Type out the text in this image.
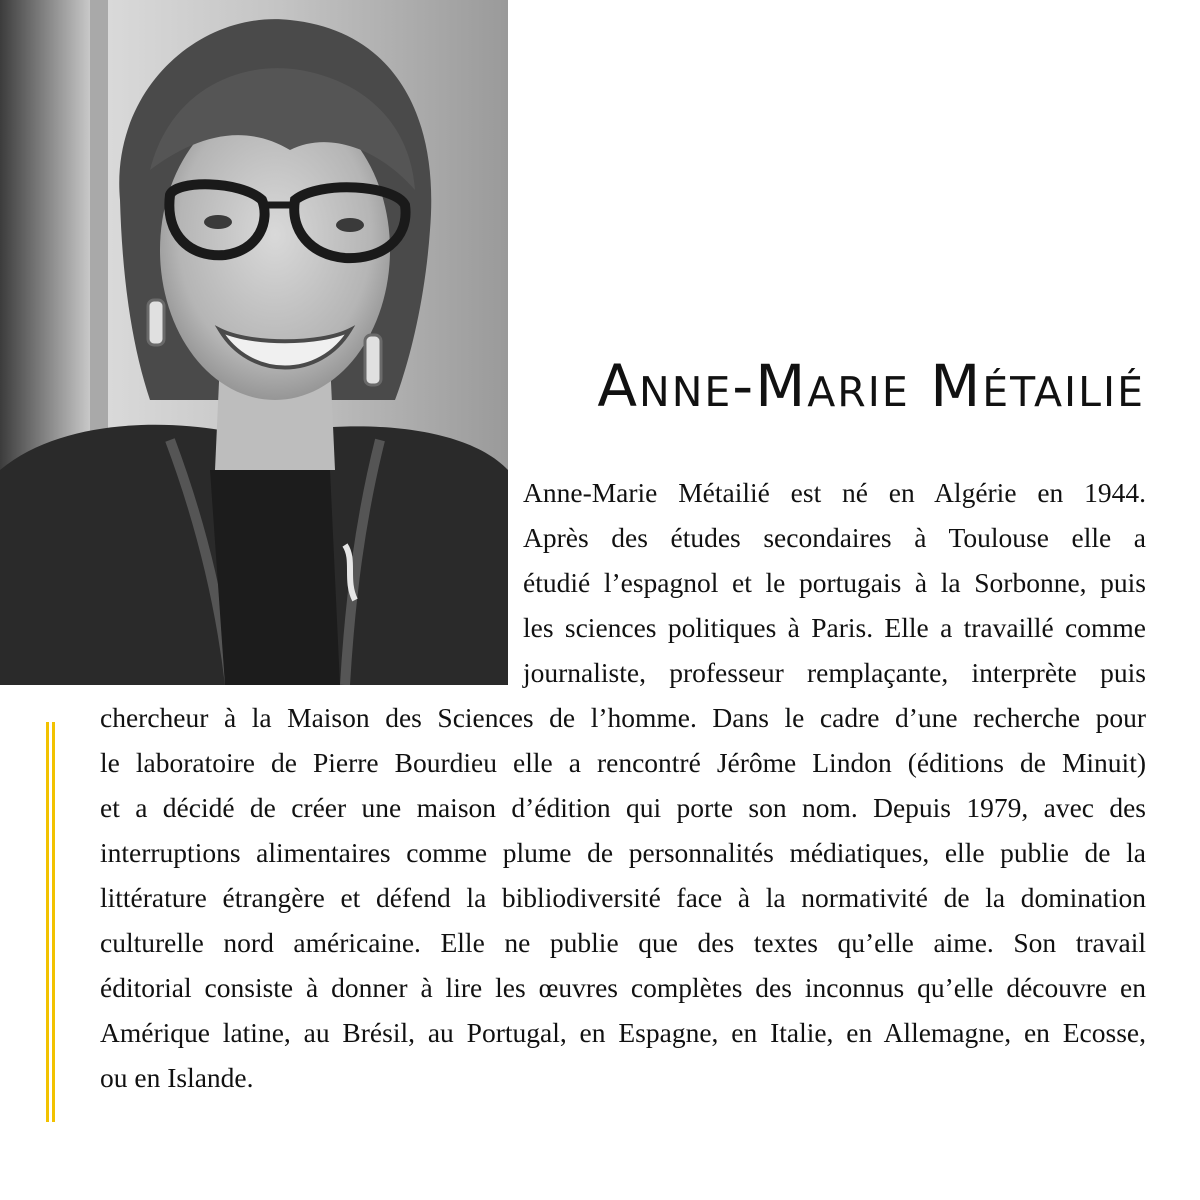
Anne-Marie Métailié
Anne-Marie Métailié est né en Algérie en 1944.
Après des études secondaires à Toulouse elle a
étudié l’espagnol et le portugais à la Sorbonne, puis
les sciences politiques à Paris. Elle a travaillé comme
journaliste, professeur remplaçante, interprète puis
chercheur à la Maison des Sciences de l’homme. Dans le cadre d’une recherche pour
le laboratoire de Pierre Bourdieu elle a rencontré Jérôme Lindon (éditions de Minuit)
et a décidé de créer une maison d’édition qui porte son nom. Depuis 1979, avec des
interruptions alimentaires comme plume de personnalités médiatiques, elle publie de la
littérature étrangère et défend la bibliodiversité face à la normativité de la domination
culturelle nord américaine. Elle ne publie que des textes qu’elle aime. Son travail
éditorial consiste à donner à lire les œuvres complètes des inconnus qu’elle découvre en
Amérique latine, au Brésil, au Portugal, en Espagne, en Italie, en Allemagne, en Ecosse,
ou en Islande.
